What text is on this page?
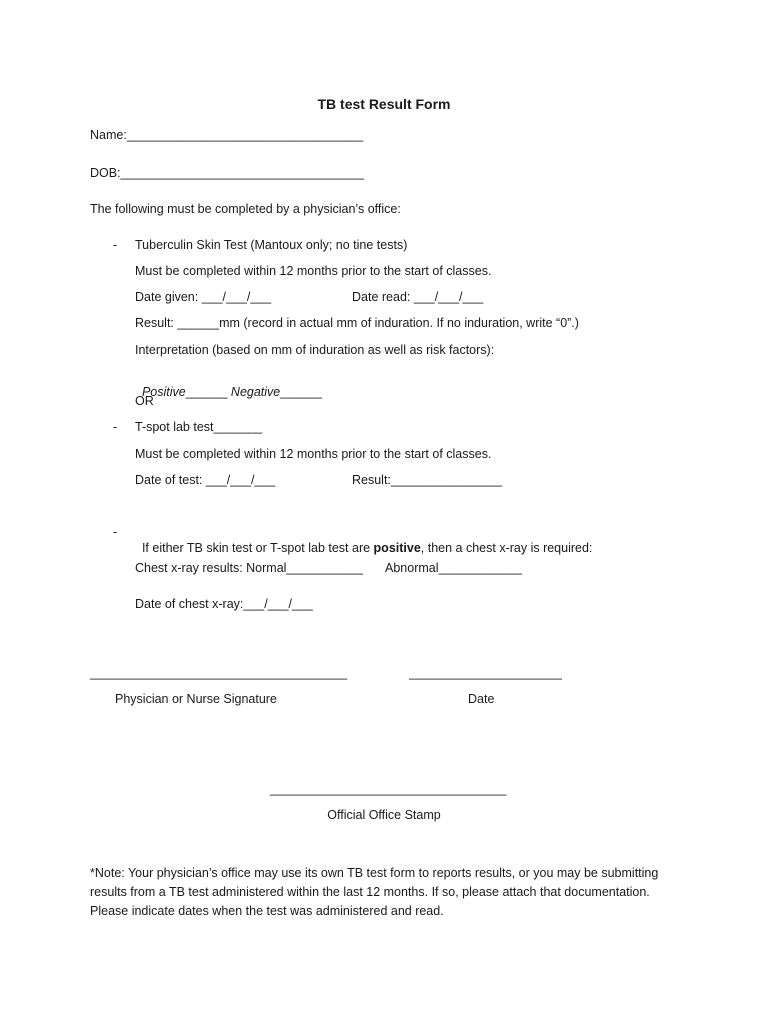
TB test Result Form
Name:__________________________________
DOB:___________________________________
The following must be completed by a physician’s office:
- Tuberculin Skin Test (Mantoux only; no tine tests)
Must be completed within 12 months prior to the start of classes.
Date given: ___/___/___	Date read: ___/___/___
Result: ______mm (record in actual mm of induration. If no induration, write “0”.)
Interpretation (based on mm of induration as well as risk factors):

Positive______ Negative______

OR
- T-spot lab test_______
Must be completed within 12 months prior to the start of classes.
Date of test: ___/___/___	Result:________________
-

If either TB skin test or T-spot lab test are positive, then a chest x-ray is required:

Chest x-ray results: Normal___________ Abnormal____________
Date of chest x-ray:___/___/___
_____________________________________	______________________
Physician or Nurse Signature	Date
__________________________________
Official Office Stamp
*Note: Your physician’s office may use its own TB test form to reports results, or you may be submitting
results from a TB test administered within the last 12 months. If so, please attach that documentation.
Please indicate dates when the test was administered and read.
